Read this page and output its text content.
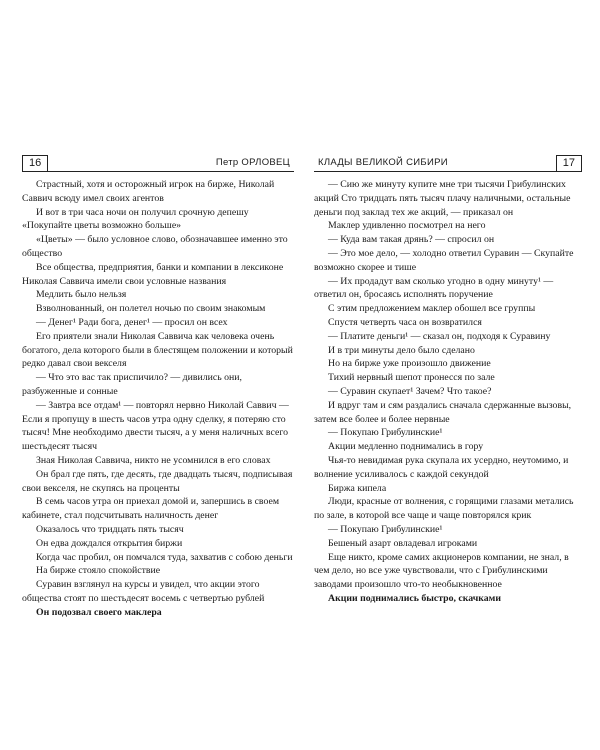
16	Петр ОРЛОВЕЦ

Страстный, хотя и осторожный игрок на бирже, Николай Саввич всюду имел своих агентов

И вот в три часа ночи он получил срочную депешу «Покупайте цветы возможно больше»

«Цветы» — было условное слово, обозначавшее именно это общество

Все общества, предприятия, банки и компании в лексиконе Николая Саввича имели свои условные названия

Медлить было нельзя

Взволнованный, он полетел ночью по своим знакомым

— Денег¹ Ради бога, денег¹ — просил он всех

Его приятели знали Николая Саввича как человека очень богатого, дела которого были в блестящем положении и который редко давал свои векселя

— Что это вас так приспичило? — дивились они, разбуженные и сонные

— Завтра все отдам¹ — повторял нервно Николай Саввич — Если я пропущу в шесть часов утра одну сделку, я потеряю сто тысяч! Мне необходимо двести тысяч, а у меня наличных всего шестьдесят тысяч

Зная Николая Саввича, никто не усомнился в его словах

Он брал где пять, где десять, где двадцать тысяч, подписывая свои векселя, не скупясь на проценты

В семь часов утра он приехал домой и, запершись в своем кабинете, стал подсчитывать наличность денег

Оказалось что тридцать пять тысяч

Он едва дождался открытия биржи

Когда час пробил, он помчался туда, захватив с собою деньги

На бирже стояло спокойствие

Суравин взглянул на курсы и увидел, что акции этого общества стоят по шестьдесят восемь с четвертью рублей

Он подозвал своего маклера

КЛАДЫ ВЕЛИКОЙ СИБИРИ	17

— Сию же минуту купите мне три тысячи Грибулинских акций Сто тридцать пять тысяч плачу наличными, остальные деньги под заклад тех же акций, — приказал он

Маклер удивленно посмотрел на него

— Куда вам такая дрянь? — спросил он

— Это мое дело, — холодно ответил Суравин — Скупайте возможно скорее и тише

— Их продадут вам сколько угодно в одну минуту¹ — ответил он, бросаясь исполнять поручение

С этим предложением маклер обошел все группы

Спустя четверть часа он возвратился

— Платите деньги¹ — сказал он, подходя к Суравину

И в три минуты дело было сделано

Но на бирже уже произошло движение

Тихий нервный шепот пронесся по зале

— Суравин скупает¹ Зачем? Что такое?

И вдруг там и сям раздались сначала сдержанные вызовы, затем все более и более нервные

— Покупаю Грибулинские¹

Акции медленно поднимались в гору

Чья-то невидимая рука скупала их усердно, неутомимо, и волнение усиливалось с каждой секундой

Биржа кипела

Люди, красные от волнения, с горящими глазами метались по зале, в которой все чаще и чаще повторялся крик

— Покупаю Грибулинские¹

Бешеный азарт овладевал игроками

Еще никто, кроме самих акционеров компании, не знал, в чем дело, но все уже чувствовали, что с Грибулинскими заводами произошло что-то необыкновенное

Акции поднимались быстро, скачками
